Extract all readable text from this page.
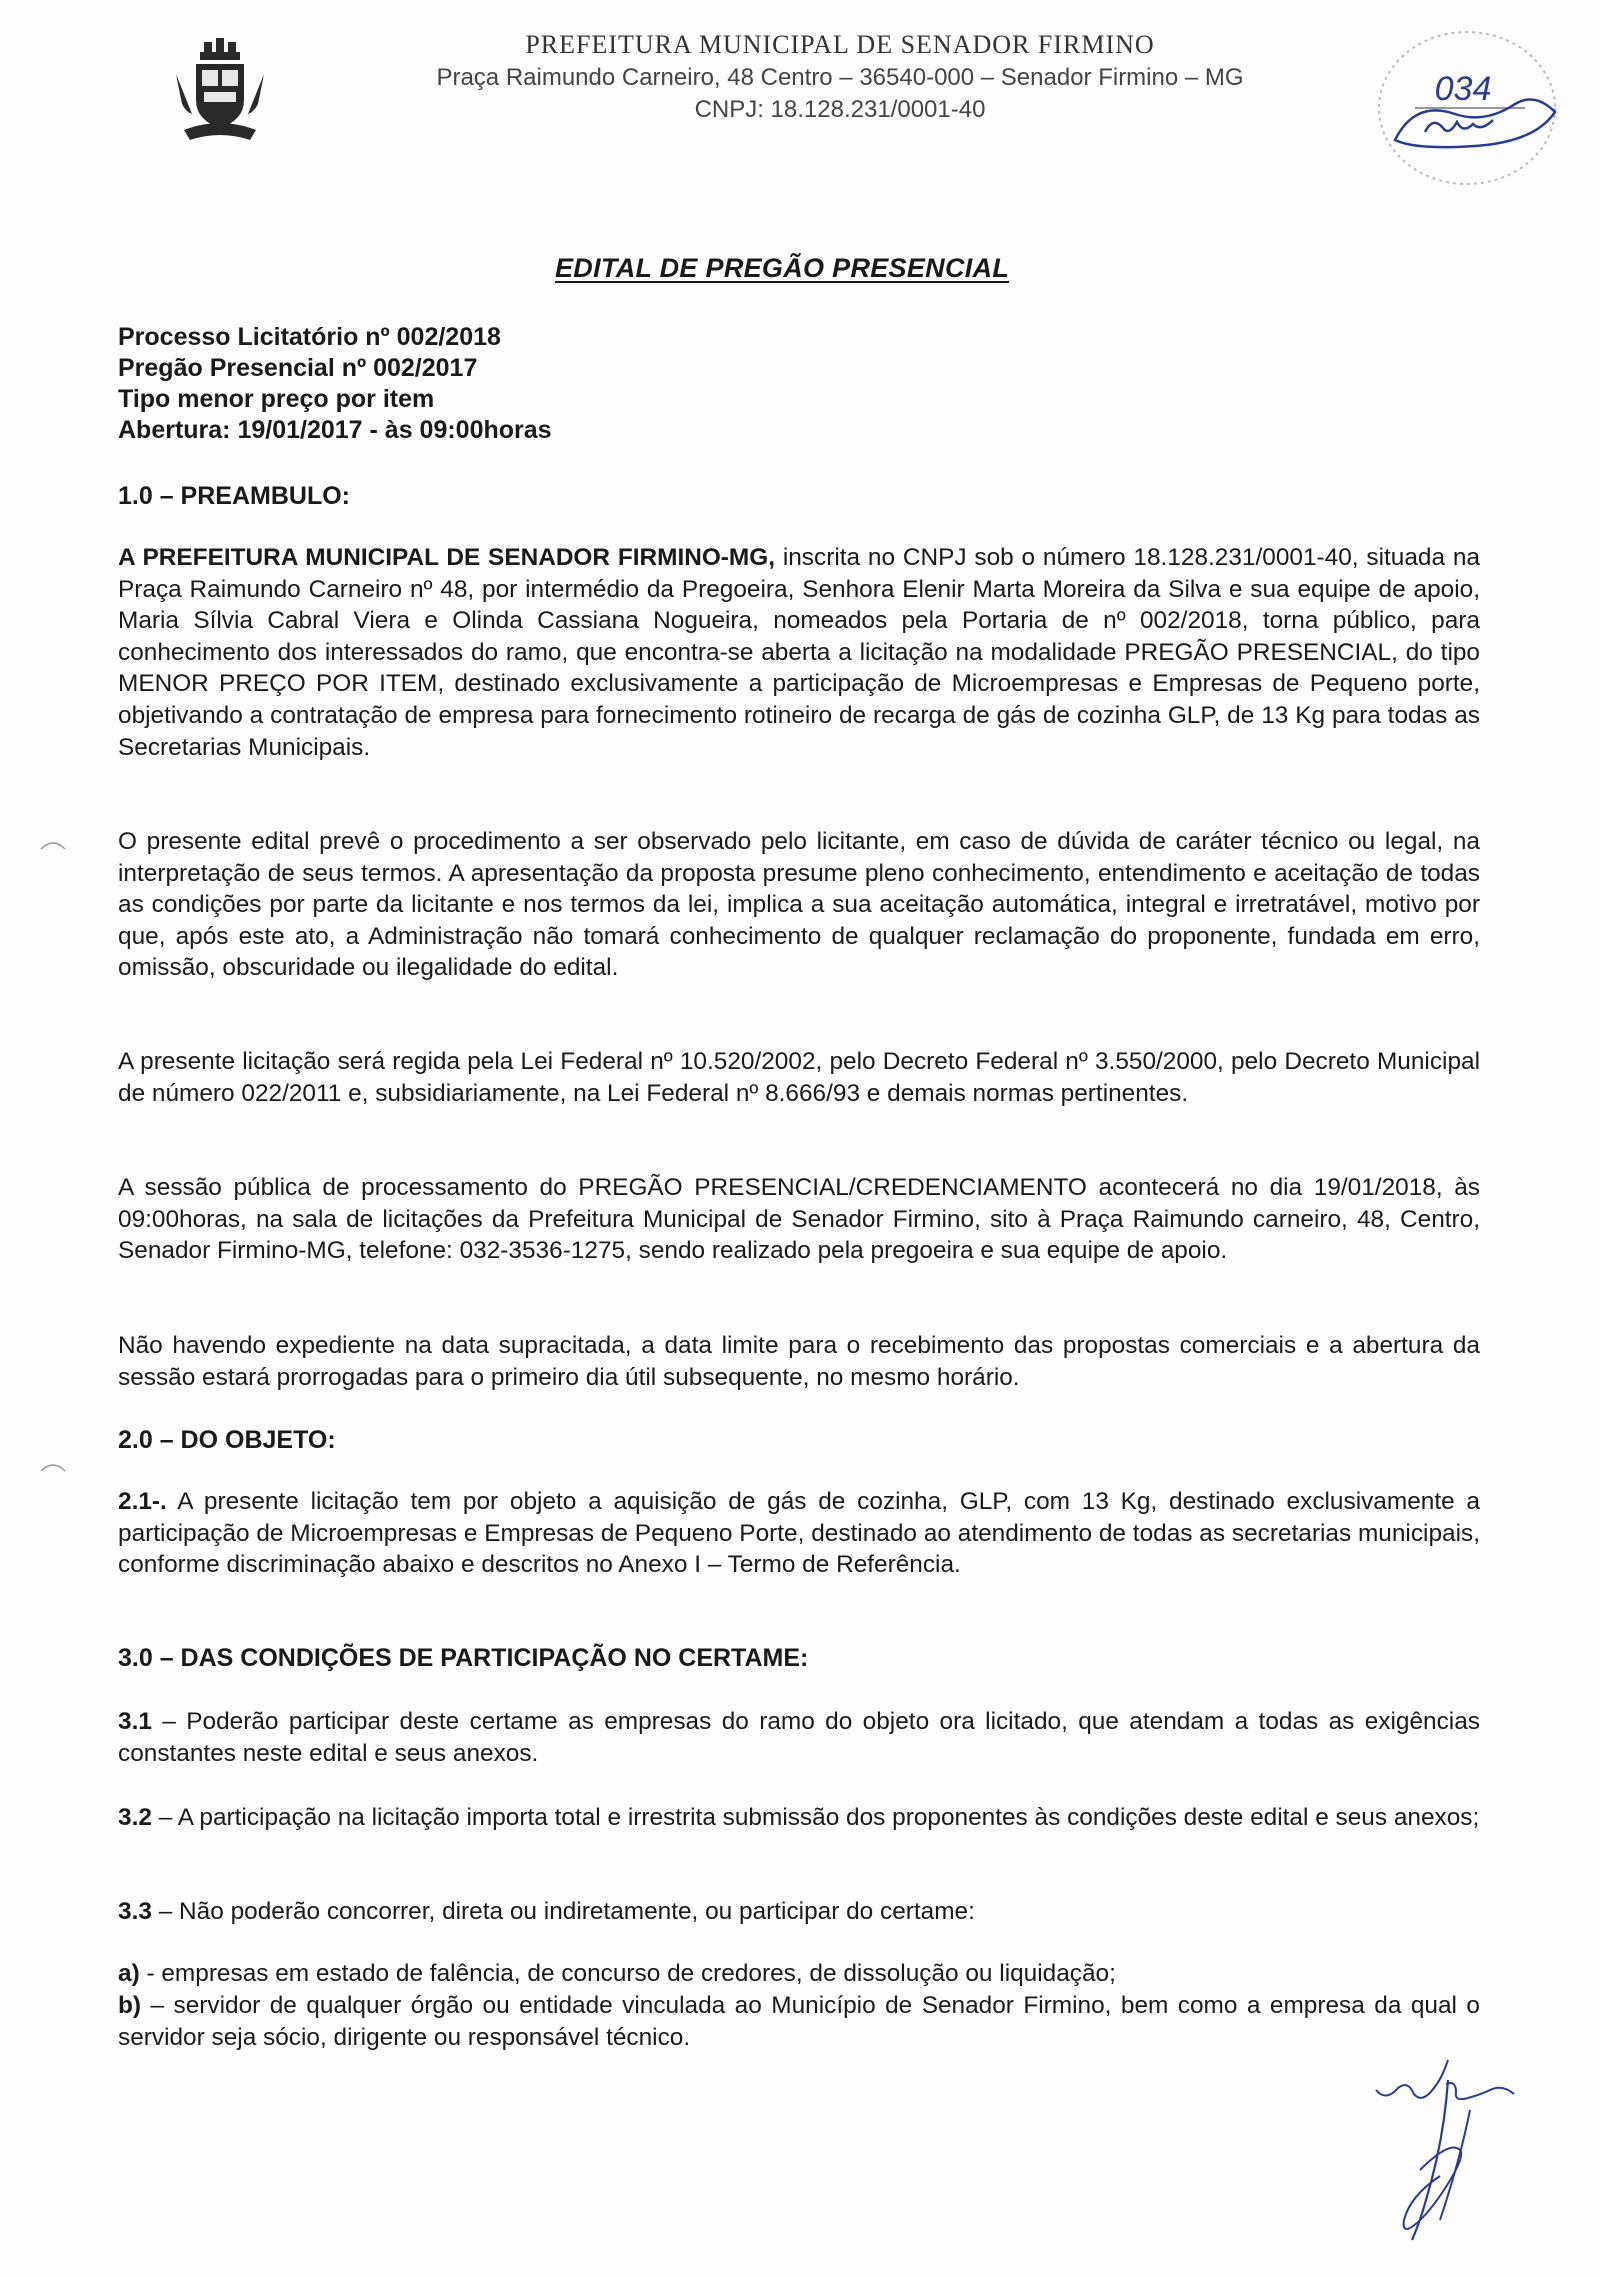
PREFEITURA MUNICIPAL DE SENADOR FIRMINO
Praça Raimundo Carneiro, 48 Centro – 36540-000 – Senador Firmino – MG
CNPJ: 18.128.231/0001-40
034
EDITAL DE PREGÃO PRESENCIAL
Processo Licitatório nº 002/2018
Pregão Presencial nº 002/2017
Tipo menor preço por item
Abertura: 19/01/2017 - às 09:00horas
1.0 – PREAMBULO:
A PREFEITURA MUNICIPAL DE SENADOR FIRMINO-MG, inscrita no CNPJ sob o número 18.128.231/0001-40, situada na Praça Raimundo Carneiro nº 48, por intermédio da Pregoeira, Senhora Elenir Marta Moreira da Silva e sua equipe de apoio, Maria Sílvia Cabral Viera e Olinda Cassiana Nogueira, nomeados pela Portaria de nº 002/2018, torna público, para conhecimento dos interessados do ramo, que encontra-se aberta a licitação na modalidade PREGÃO PRESENCIAL, do tipo MENOR PREÇO POR ITEM, destinado exclusivamente a participação de Microempresas e Empresas de Pequeno porte, objetivando a contratação de empresa para fornecimento rotineiro de recarga de gás de cozinha GLP, de 13 Kg para todas as Secretarias Municipais.
O presente edital prevê o procedimento a ser observado pelo licitante, em caso de dúvida de caráter técnico ou legal, na interpretação de seus termos. A apresentação da proposta presume pleno conhecimento, entendimento e aceitação de todas as condições por parte da licitante e nos termos da lei, implica a sua aceitação automática, integral e irretratável, motivo por que, após este ato, a Administração não tomará conhecimento de qualquer reclamação do proponente, fundada em erro, omissão, obscuridade ou ilegalidade do edital.
A presente licitação será regida pela Lei Federal nº 10.520/2002, pelo Decreto Federal nº 3.550/2000, pelo Decreto Municipal de número 022/2011 e, subsidiariamente, na Lei Federal nº 8.666/93 e demais normas pertinentes.
A sessão pública de processamento do PREGÃO PRESENCIAL/CREDENCIAMENTO acontecerá no dia 19/01/2018, às 09:00horas, na sala de licitações da Prefeitura Municipal de Senador Firmino, sito à Praça Raimundo carneiro, 48, Centro, Senador Firmino-MG, telefone: 032-3536-1275, sendo realizado pela pregoeira e sua equipe de apoio.
Não havendo expediente na data supracitada, a data limite para o recebimento das propostas comerciais e a abertura da sessão estará prorrogadas para o primeiro dia útil subsequente, no mesmo horário.
2.0 – DO OBJETO:
2.1-. A presente licitação tem por objeto a aquisição de gás de cozinha, GLP, com 13 Kg, destinado exclusivamente a participação de Microempresas e Empresas de Pequeno Porte, destinado ao atendimento de todas as secretarias municipais, conforme discriminação abaixo e descritos no Anexo I – Termo de Referência.
3.0 – DAS CONDIÇÕES DE PARTICIPAÇÃO NO CERTAME:
3.1 – Poderão participar deste certame as empresas do ramo do objeto ora licitado, que atendam a todas as exigências constantes neste edital e seus anexos.
3.2 – A participação na licitação importa total e irrestrita submissão dos proponentes às condições deste edital e seus anexos;
3.3 – Não poderão concorrer, direta ou indiretamente, ou participar do certame:
a) - empresas em estado de falência, de concurso de credores, de dissolução ou liquidação;
b) – servidor de qualquer órgão ou entidade vinculada ao Município de Senador Firmino, bem como a empresa da qual o servidor seja sócio, dirigente ou responsável técnico.
